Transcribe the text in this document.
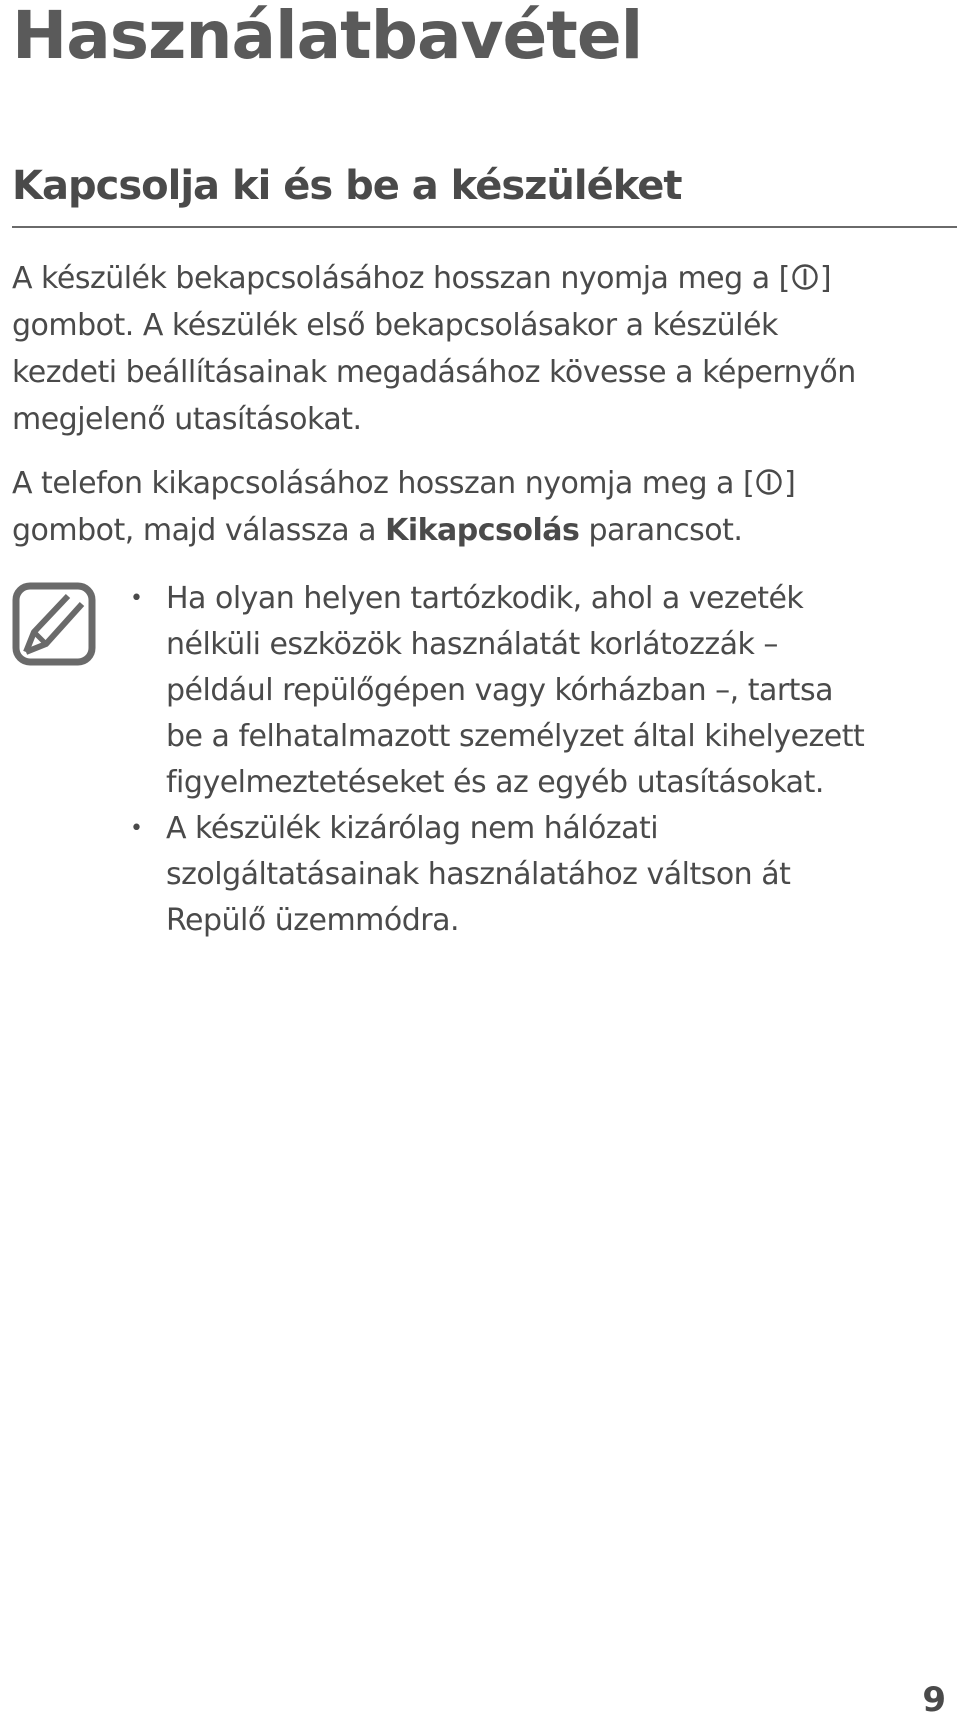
Használatbavétel
Kapcsolja ki és be a készüléket
A készülék bekapcsolásához hosszan nyomja meg a [ ]
gombot. A készülék első bekapcsolásakor a készülék
kezdeti beállításainak megadásához kövesse a képernyőn
megjelenő utasításokat.
A telefon kikapcsolásához hosszan nyomja meg a [ ]
gombot, majd válassza a Kikapcsolás parancsot.
• Ha olyan helyen tartózkodik, ahol a vezeték
nélküli eszközök használatát korlátozzák –
például repülőgépen vagy kórházban –, tartsa
be a felhatalmazott személyzet által kihelyezett
figyelmeztetéseket és az egyéb utasításokat.
• A készülék kizárólag nem hálózati
szolgáltatásainak használatához váltson át
Repülő üzemmódra.
9
